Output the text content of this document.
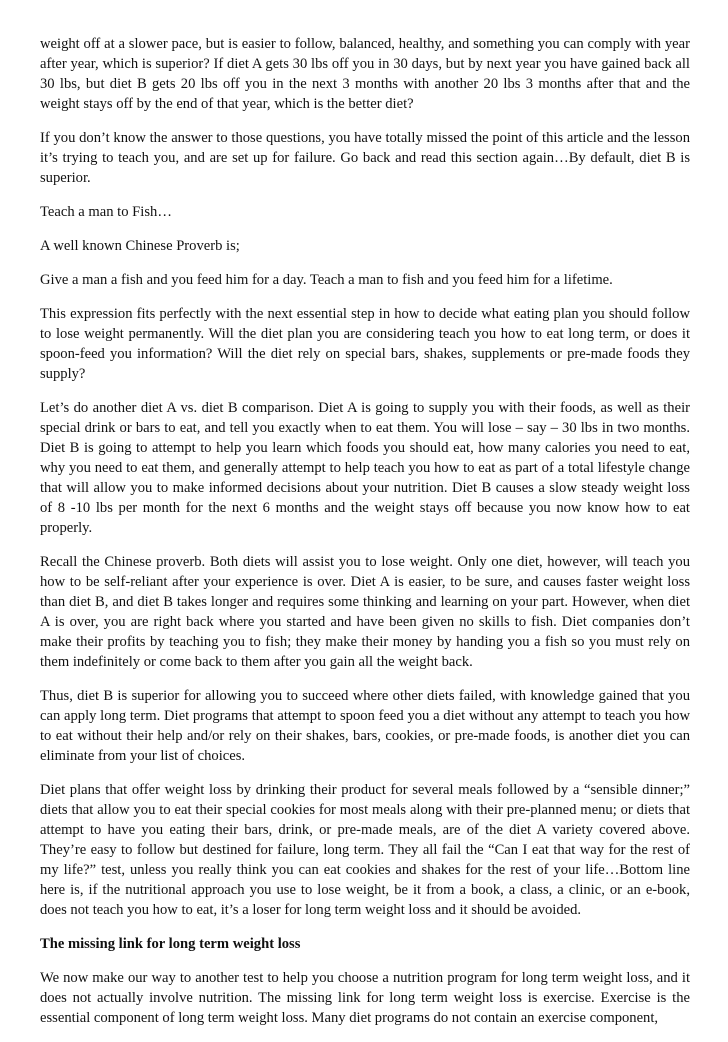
weight off at a slower pace, but is easier to follow, balanced, healthy, and something you can comply with year after year, which is superior? If diet A gets 30 lbs off you in 30 days, but by next year you have gained back all 30 lbs, but diet B gets 20 lbs off you in the next 3 months with another 20 lbs 3 months after that and the weight stays off by the end of that year, which is the better diet?

If you don’t know the answer to those questions, you have totally missed the point of this article and the lesson it’s trying to teach you, and are set up for failure. Go back and read this section again…By default, diet B is superior.

Teach a man to Fish…

A well known Chinese Proverb is;

Give a man a fish and you feed him for a day. Teach a man to fish and you feed him for a lifetime.

This expression fits perfectly with the next essential step in how to decide what eating plan you should follow to lose weight permanently. Will the diet plan you are considering teach you how to eat long term, or does it spoon-feed you information? Will the diet rely on special bars, shakes, supplements or pre-made foods they supply?

Let’s do another diet A vs. diet B comparison. Diet A is going to supply you with their foods, as well as their special drink or bars to eat, and tell you exactly when to eat them. You will lose – say – 30 lbs in two months. Diet B is going to attempt to help you learn which foods you should eat, how many calories you need to eat, why you need to eat them, and generally attempt to help teach you how to eat as part of a total lifestyle change that will allow you to make informed decisions about your nutrition. Diet B causes a slow steady weight loss of 8 -10 lbs per month for the next 6 months and the weight stays off because you now know how to eat properly.

Recall the Chinese proverb. Both diets will assist you to lose weight. Only one diet, however, will teach you how to be self-reliant after your experience is over. Diet A is easier, to be sure, and causes faster weight loss than diet B, and diet B takes longer and requires some thinking and learning on your part. However, when diet A is over, you are right back where you started and have been given no skills to fish. Diet companies don’t make their profits by teaching you to fish; they make their money by handing you a fish so you must rely on them indefinitely or come back to them after you gain all the weight back.

Thus, diet B is superior for allowing you to succeed where other diets failed, with knowledge gained that you can apply long term. Diet programs that attempt to spoon feed you a diet without any attempt to teach you how to eat without their help and/or rely on their shakes, bars, cookies, or pre-made foods, is another diet you can eliminate from your list of choices.

Diet plans that offer weight loss by drinking their product for several meals followed by a “sensible dinner;” diets that allow you to eat their special cookies for most meals along with their pre-planned menu; or diets that attempt to have you eating their bars, drink, or pre-made meals, are of the diet A variety covered above. They’re easy to follow but destined for failure, long term. They all fail the “Can I eat that way for the rest of my life?” test, unless you really think you can eat cookies and shakes for the rest of your life…Bottom line here is, if the nutritional approach you use to lose weight, be it from a book, a class, a clinic, or an e-book, does not teach you how to eat, it’s a loser for long term weight loss and it should be avoided.

The missing link for long term weight loss

We now make our way to another test to help you choose a nutrition program for long term weight loss, and it does not actually involve nutrition. The missing link for long term weight loss is exercise. Exercise is the essential component of long term weight loss. Many diet programs do not contain an exercise component,
